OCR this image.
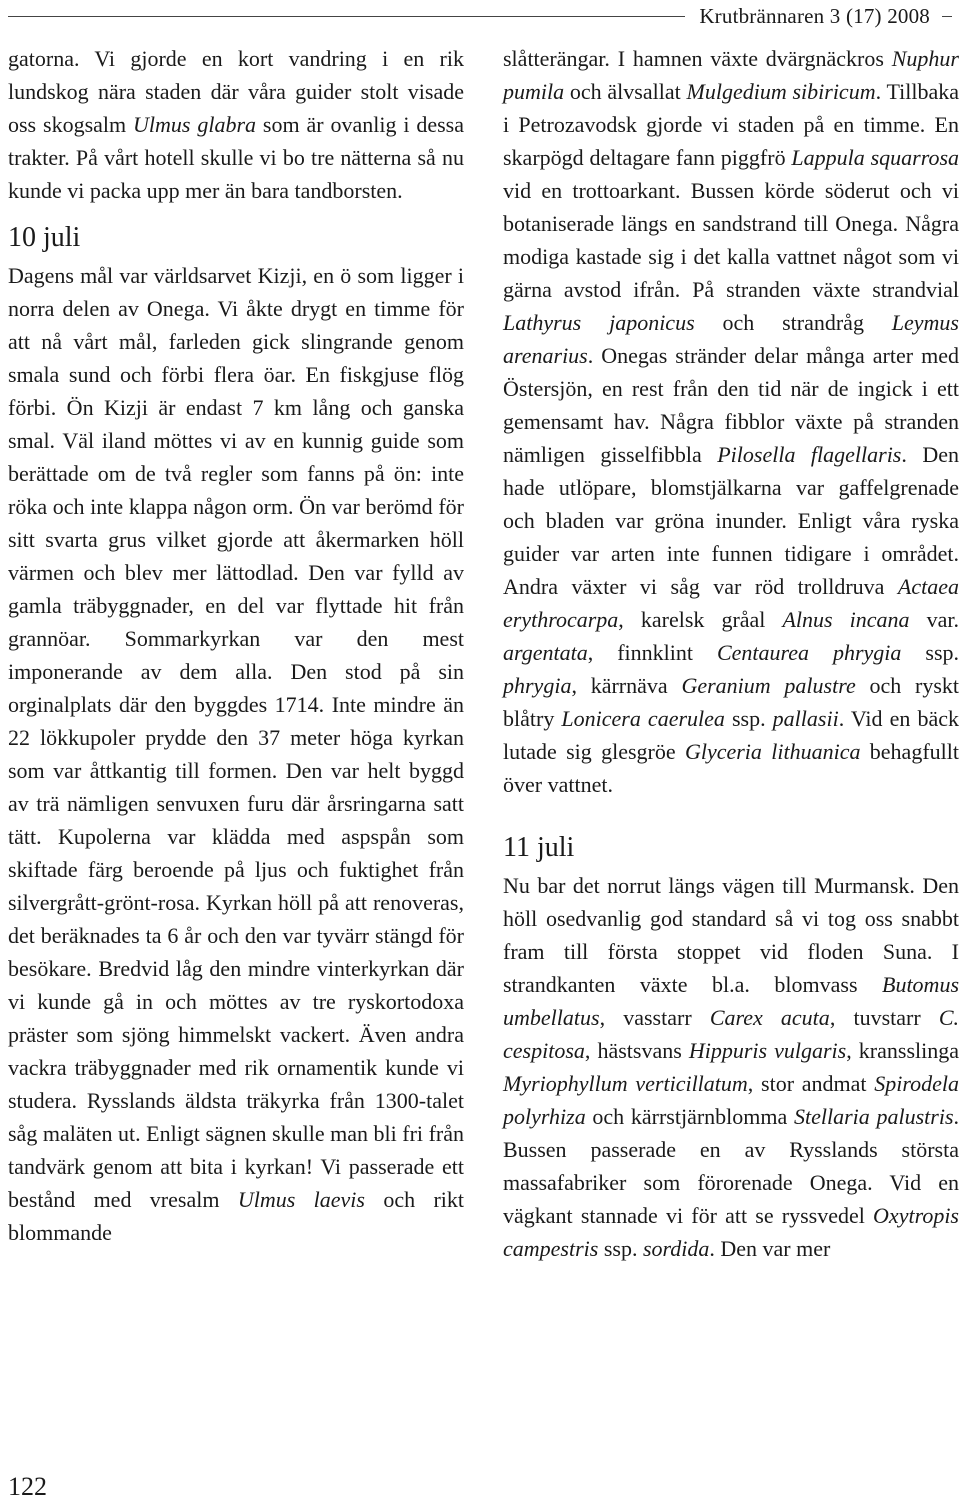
Krutbrännaren 3 (17) 2008

gatorna. Vi gjorde en kort vandring i en rik lundskog nära staden där våra guider stolt visade oss skogsalm Ulmus glabra som är ovanlig i dessa trakter. På vårt hotell skulle vi bo tre nätterna så nu kunde vi packa upp mer än bara tandborsten.

10 juli

Dagens mål var världsarvet Kizji, en ö som ligger i norra delen av Onega. Vi åkte drygt en timme för att nå vårt mål, farleden gick slingrande genom smala sund och förbi flera öar. En fiskgjuse flög förbi. Ön Kizji är endast 7 km lång och ganska smal. Väl iland möttes vi av en kunnig guide som berättade om de två regler som fanns på ön: inte röka och inte klappa någon orm. Ön var berömd för sitt svarta grus vilket gjorde att åkermarken höll värmen och blev mer lättodlad. Den var fylld av gamla träbyggnader, en del var flyttade hit från grannöar. Sommarkyrkan var den mest imponerande av dem alla. Den stod på sin orginalplats där den byggdes 1714. Inte mindre än 22 lökkupoler prydde den 37 meter höga kyrkan som var åttkantig till formen. Den var helt byggd av trä nämligen senvuxen furu där årsringarna satt tätt. Kupolerna var klädda med aspspån som skiftade färg beroende på ljus och fuktighet från silvergrått-grönt-rosa. Kyrkan höll på att renoveras, det beräknades ta 6 år och den var tyvärr stängd för besökare. Bredvid låg den mindre vinterkyrkan där vi kunde gå in och möttes av tre ryskortodoxa präster som sjöng himmelskt vackert. Även andra vackra träbyggnader med rik ornamentik kunde vi studera. Rysslands äldsta träkyrka från 1300-talet såg maläten ut. Enligt sägnen skulle man bli fri från tandvärk genom att bita i kyrkan! Vi passerade ett bestånd med vresalm Ulmus laevis och rikt blommande

slåtterängar. I hamnen växte dvärgnäckros Nuphur pumila och älvsallat Mulgedium sibiricum. Tillbaka i Petrozavodsk gjorde vi staden på en timme. En skarpögd deltagare fann piggfrö Lappula squarrosa vid en trottoarkant. Bussen körde söderut och vi botaniserade längs en sandstrand till Onega. Några modiga kastade sig i det kalla vattnet något som vi gärna avstod ifrån. På stranden växte strandvial Lathyrus japonicus och strandråg Leymus arenarius. Onegas stränder delar många arter med Östersjön, en rest från den tid när de ingick i ett gemensamt hav. Några fibblor växte på stranden nämligen gisselfibbla Pilosella flagellaris. Den hade utlöpare, blomstjälkarna var gaffelgrenade och bladen var gröna inunder. Enligt våra ryska guider var arten inte funnen tidigare i området. Andra växter vi såg var röd trolldruva Actaea erythrocarpa, karelsk gråal Alnus incana var. argentata, finnklint Centaurea phrygia ssp. phrygia, kärrnäva Geranium palustre och ryskt blåtry Lonicera caerulea ssp. pallasii. Vid en bäck lutade sig glesgröe Glyceria lithuanica behagfullt över vattnet.

11 juli

Nu bar det norrut längs vägen till Murmansk. Den höll osedvanlig god standard så vi tog oss snabbt fram till första stoppet vid floden Suna. I strandkanten växte bl.a. blomvass Butomus umbellatus, vasstarr Carex acuta, tuvstarr C. cespitosa, hästsvans Hippuris vulgaris, kransslinga Myriophyllum verticillatum, stor andmat Spirodela polyrhiza och kärrstjärnblomma Stellaria palustris. Bussen passerade en av Rysslands största massafabriker som förorenade Onega. Vid en vägkant stannade vi för att se ryssvedel Oxytropis campestris ssp. sordida. Den var mer

122
